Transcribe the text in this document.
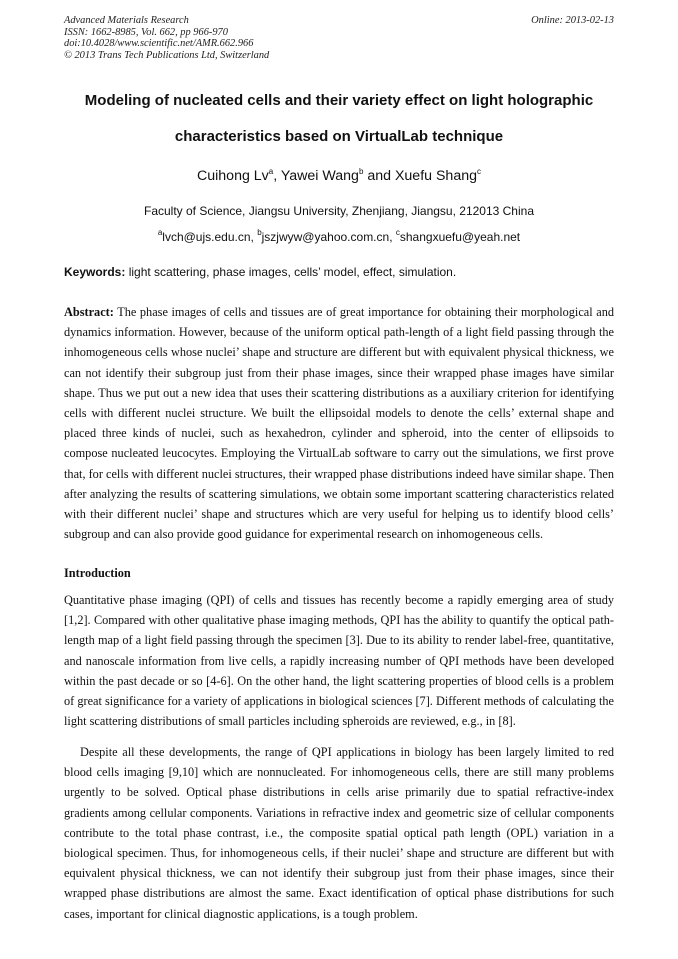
Advanced Materials Research
ISSN: 1662-8985, Vol. 662, pp 966-970
doi:10.4028/www.scientific.net/AMR.662.966
© 2013 Trans Tech Publications Ltd, Switzerland
Online: 2013-02-13
Modeling of nucleated cells and their variety effect on light holographic
characteristics based on VirtualLab technique
Cuihong Lv$^a$, Yawei Wang$^b$ and Xuefu Shang$^c$
Faculty of Science, Jiangsu University, Zhenjiang, Jiangsu, 212013 China
$^a$lvch@ujs.edu.cn, $^b$jszjwyw@yahoo.com.cn, $^c$shangxuefu@yeah.net
Keywords: light scattering, phase images, cells’ model, effect, simulation.
Abstract: The phase images of cells and tissues are of great importance for obtaining their morphological and dynamics information. However, because of the uniform optical path-length of a light field passing through the inhomogeneous cells whose nuclei’ shape and structure are different but with equivalent physical thickness, we can not identify their subgroup just from their phase images, since their wrapped phase images have similar shape. Thus we put out a new idea that uses their scattering distributions as a auxiliary criterion for identifying cells with different nuclei structure. We built the ellipsoidal models to denote the cells’ external shape and placed three kinds of nuclei, such as hexahedron, cylinder and spheroid, into the center of ellipsoids to compose nucleated leucocytes. Employing the VirtualLab software to carry out the simulations, we first prove that, for cells with different nuclei structures, their wrapped phase distributions indeed have similar shape. Then after analyzing the results of scattering simulations, we obtain some important scattering characteristics related with their different nuclei’ shape and structures which are very useful for helping us to identify blood cells’ subgroup and can also provide good guidance for experimental research on inhomogeneous cells.
Introduction

Quantitative phase imaging (QPI) of cells and tissues has recently become a rapidly emerging area of study [1,2]. Compared with other qualitative phase imaging methods, QPI has the ability to quantify the optical path-length map of a light field passing through the specimen [3]. Due to its ability to render label-free, quantitative, and nanoscale information from live cells, a rapidly increasing number of QPI methods have been developed within the past decade or so [4-6]. On the other hand, the light scattering properties of blood cells is a problem of great significance for a variety of applications in biological sciences [7]. Different methods of calculating the light scattering distributions of small particles including spheroids are reviewed, e.g., in [8].

Despite all these developments, the range of QPI applications in biology has been largely limited to red blood cells imaging [9,10] which are nonnucleated. For inhomogeneous cells, there are still many problems urgently to be solved. Optical phase distributions in cells arise primarily due to spatial refractive-index gradients among cellular components. Variations in refractive index and geometric size of cellular components contribute to the total phase contrast, i.e., the composite spatial optical path length (OPL) variation in a biological specimen. Thus, for inhomogeneous cells, if their nuclei’ shape and structure are different but with equivalent physical thickness, we can not identify their subgroup just from their phase images, since their wrapped phase distributions are almost the same. Exact identification of optical phase distributions for such cases, important for clinical diagnostic applications, is a tough problem.
